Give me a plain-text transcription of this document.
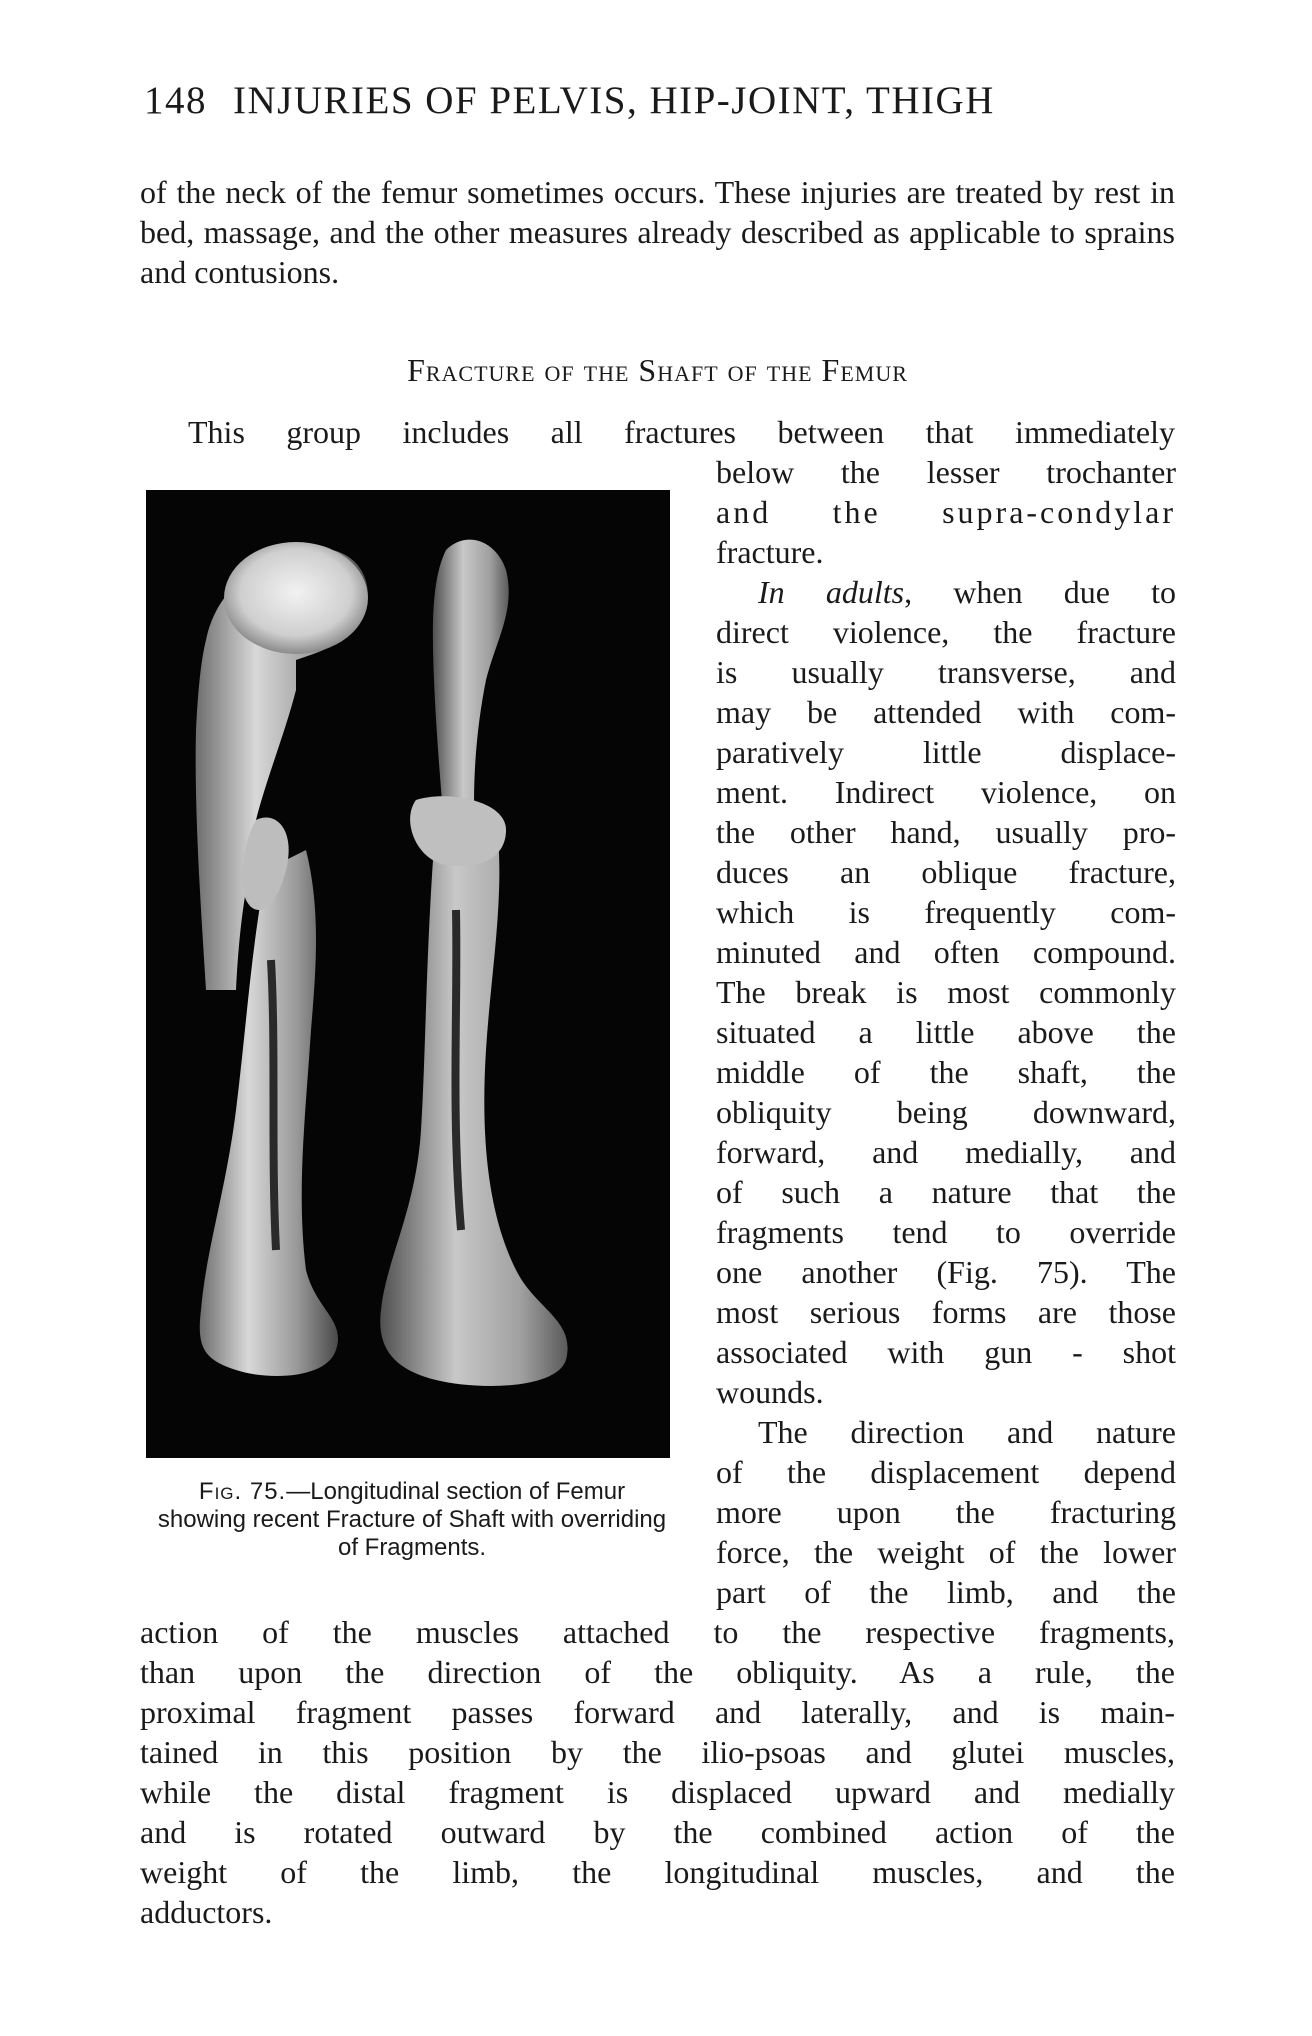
148 INJURIES OF PELVIS, HIP-JOINT, THIGH
of the neck of the femur sometimes occurs. These injuries are treated by rest in bed, massage, and the other measures already described as applicable to sprains and contusions.
Fracture of the Shaft of the Femur
This group includes all fractures between that immediately
Fig. 75.—Longitudinal section of Femur showing recent Fracture of Shaft with overriding of Fragments.
below the lesser trochanter
and the supra-condylar
fracture.
In adults, when due to
direct violence, the fracture
is usually transverse, and
may be attended with com-
paratively little displace-
ment. Indirect violence, on
the other hand, usually pro-
duces an oblique fracture,
which is frequently com-
minuted and often compound.
The break is most commonly
situated a little above the
middle of the shaft, the
obliquity being downward,
forward, and medially, and
of such a nature that the
fragments tend to override
one another (Fig. 75). The
most serious forms are those
associated with gun - shot
wounds.
The direction and nature
of the displacement depend
more upon the fracturing
force, the weight of the lower
part of the limb, and the
action of the muscles attached to the respective fragments,
than upon the direction of the obliquity. As a rule, the
proximal fragment passes forward and laterally, and is main-
tained in this position by the ilio-psoas and glutei muscles,
while the distal fragment is displaced upward and medially
and is rotated outward by the combined action of the
weight of the limb, the longitudinal muscles, and the
adductors.
